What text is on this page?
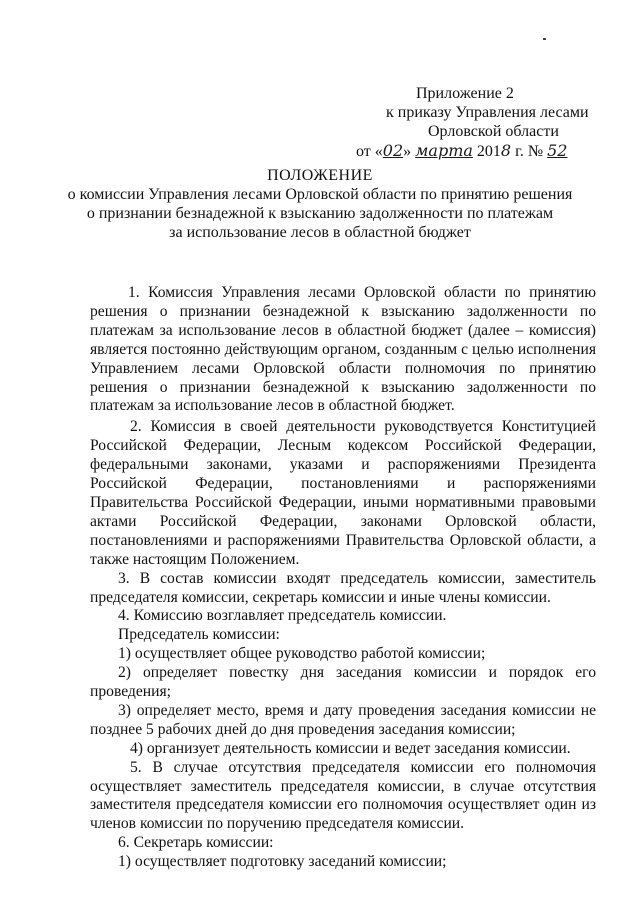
Приложение 2
к приказу Управления лесами
Орловской области
от «02» марта 2018 г. № 52
ПОЛОЖЕНИЕ
о комиссии Управления лесами Орловской области по принятию решения
о признании безнадежной к взысканию задолженности по платежам
за использование лесов в областной бюджет

1. Комиссия Управления лесами Орловской области по принятию решения о признании безнадежной к взысканию задолженности по платежам за использование лесов в областной бюджет (далее – комиссия) является постоянно действующим органом, созданным с целью исполнения Управлением лесами Орловской области полномочия по принятию решения о признании безнадежной к взысканию задолженности по платежам за использование лесов в областной бюджет.

2. Комиссия в своей деятельности руководствуется Конституцией Российской Федерации, Лесным кодексом Российской Федерации, федеральными законами, указами и распоряжениями Президента Российской Федерации, постановлениями и распоряжениями Правительства Российской Федерации, иными нормативными правовыми актами Российской Федерации, законами Орловской области, постановлениями и распоряжениями Правительства Орловской области, а также настоящим Положением.

3. В состав комиссии входят председатель комиссии, заместитель председателя комиссии, секретарь комиссии и иные члены комиссии.

4. Комиссию возглавляет председатель комиссии.

Председатель комиссии:

1) осуществляет общее руководство работой комиссии;

2) определяет повестку дня заседания комиссии и порядок его проведения;

3) определяет место, время и дату проведения заседания комиссии не позднее 5 рабочих дней до дня проведения заседания комиссии;

4) организует деятельность комиссии и ведет заседания комиссии.

5. В случае отсутствия председателя комиссии его полномочия осуществляет заместитель председателя комиссии, в случае отсутствия заместителя председателя комиссии его полномочия осуществляет один из членов комиссии по поручению председателя комиссии.

6. Секретарь комиссии:

1) осуществляет подготовку заседаний комиссии;
